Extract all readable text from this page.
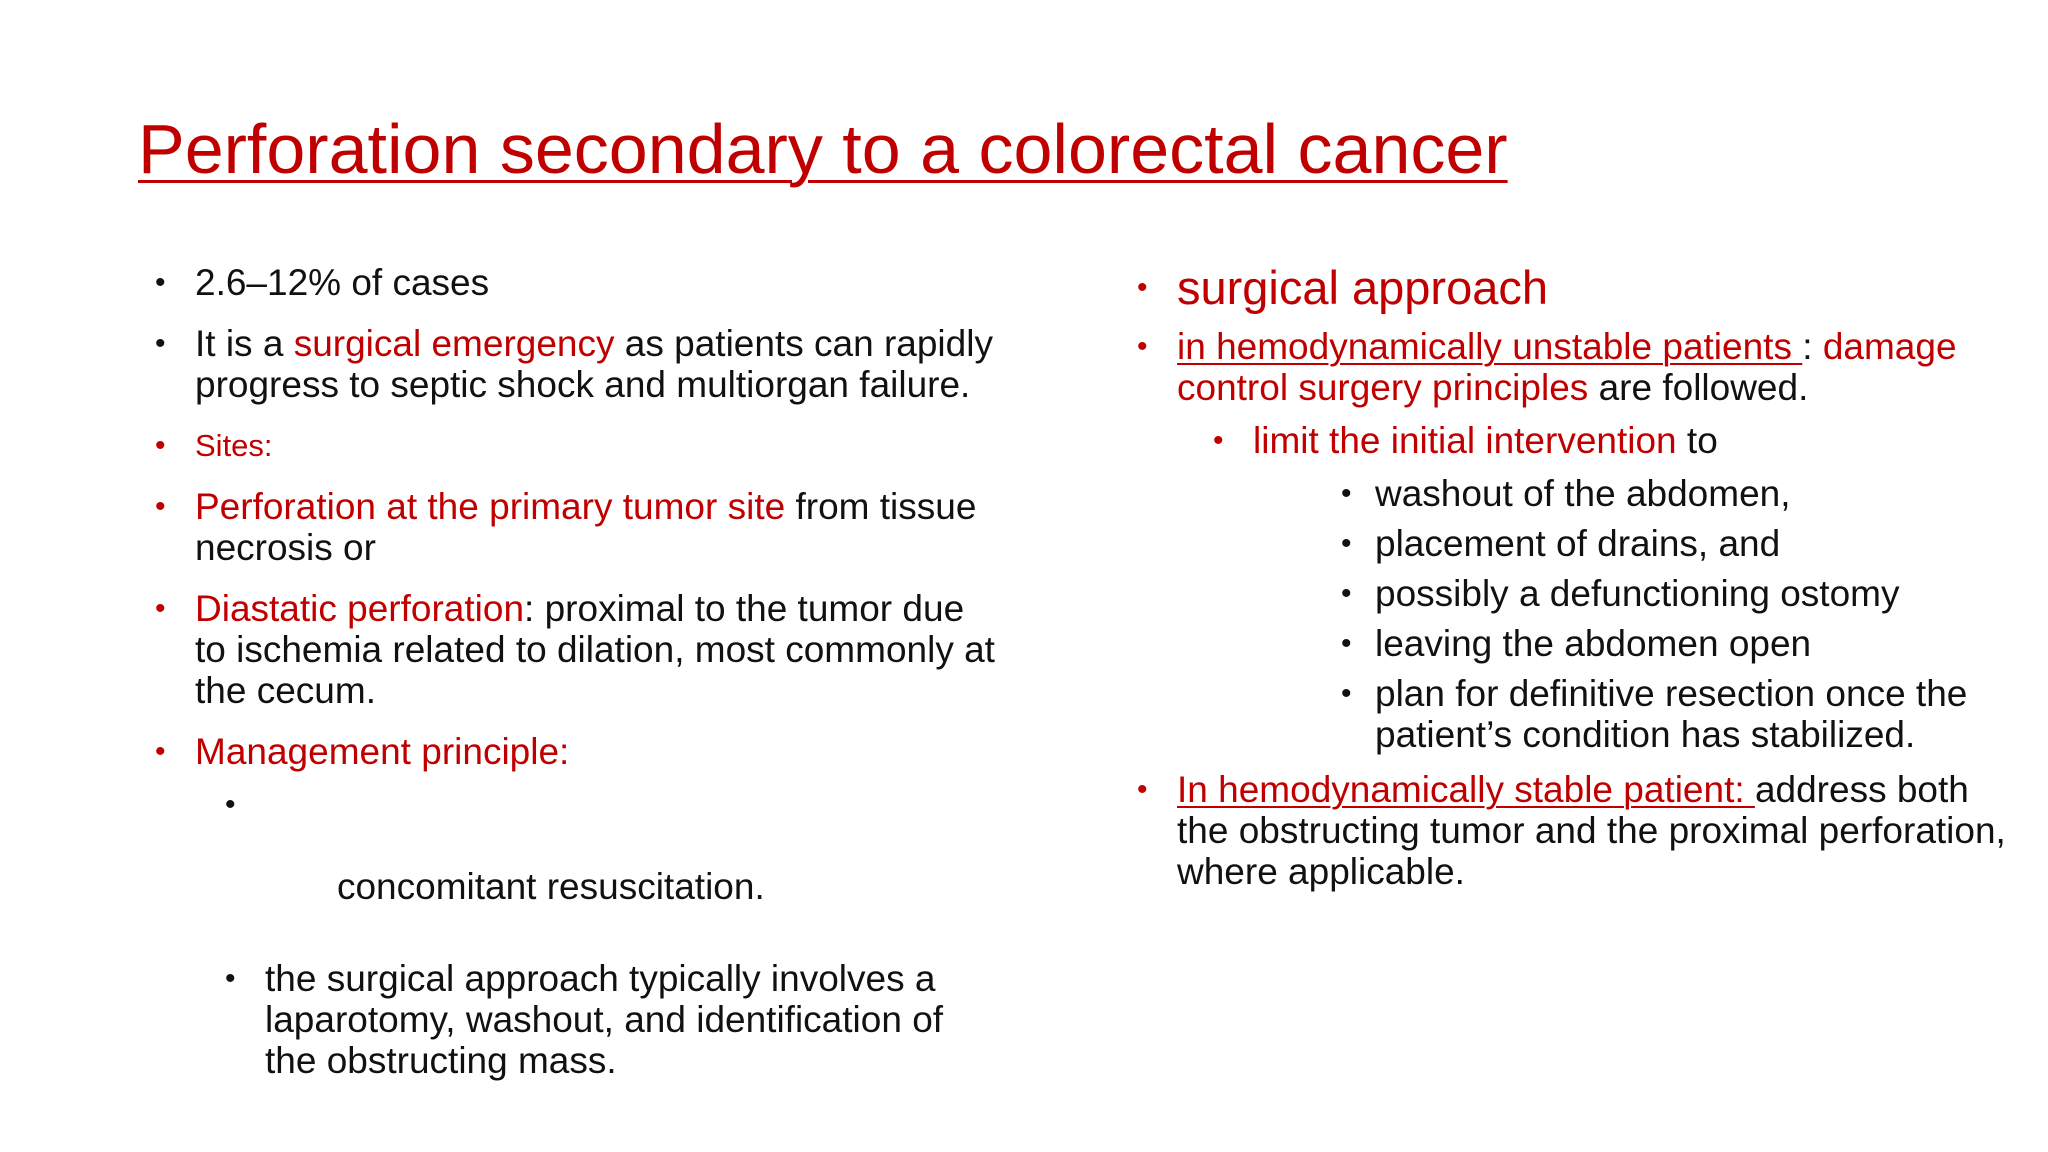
Perforation secondary to a colorectal cancer
• 2.6–12% of cases
• It is a surgical emergency as patients can rapidly progress to septic shock and multiorgan failure.
• Sites:
• Perforation at the primary tumor site from tissue necrosis or
• Diastatic perforation: proximal to the tumor due to ischemia related to dilation, most commonly at the cecum.
• Management principle:

•

concomitant resuscitation.

• the surgical approach typically involves a laparotomy, washout, and identification of the obstructing mass.
• surgical approach
• in hemodynamically unstable patients : damage control surgery principles are followed.
• limit the initial intervention to
• washout of the abdomen,
• placement of drains, and
• possibly a defunctioning ostomy
• leaving the abdomen open
• plan for definitive resection once the patient’s condition has stabilized.
• In hemodynamically stable patient: address both the obstructing tumor and the proximal perforation, where applicable.
